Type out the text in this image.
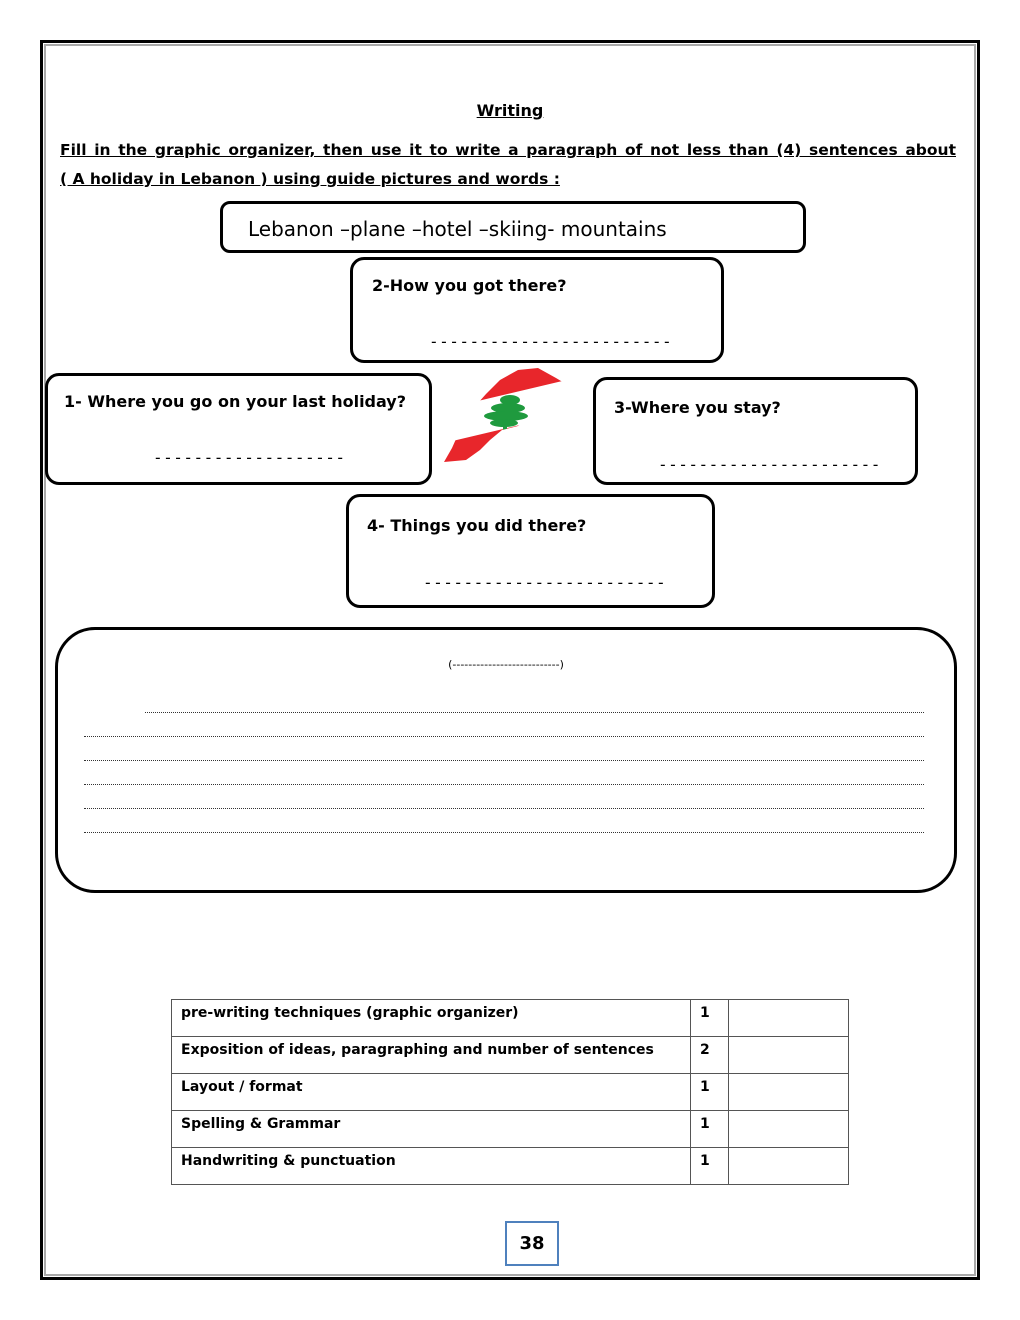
Writing
Fill in the graphic organizer, then use it to write a paragraph of not less than (4) sentences about
( A holiday in Lebanon ) using guide pictures and words :
Lebanon –plane –hotel –skiing- mountains
2-How you got there?
------------------------
1- Where you go on your last holiday?
-------------------
3-Where you stay?
----------------------
4- Things you did there?
------------------------
(---------------------------)
pre-writing techniques (graphic organizer)	1	
Exposition of ideas, paragraphing and number of sentences	2	
Layout / format	1	
Spelling & Grammar	1	
Handwriting & punctuation	1	
38
